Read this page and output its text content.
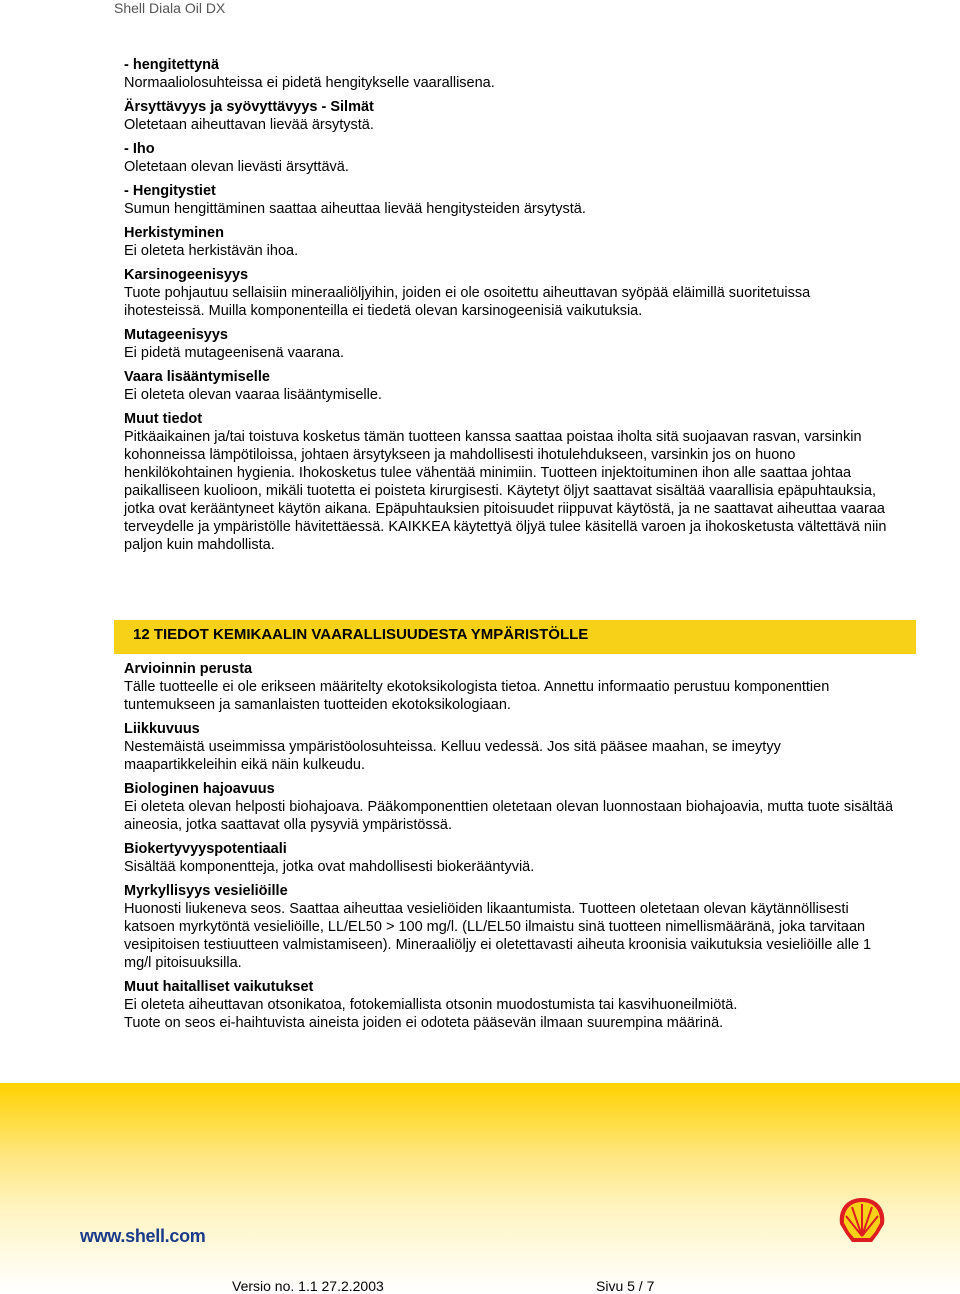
Shell Diala Oil DX

- hengitettynä

Normaaliolosuhteissa ei pidetä hengitykselle vaarallisena.

Ärsyttävyys ja syövyttävyys - Silmät

Oletetaan aiheuttavan lievää ärsytystä.

- Iho

Oletetaan olevan lievästi ärsyttävä.

- Hengitystiet

Sumun hengittäminen saattaa aiheuttaa lievää hengitysteiden ärsytystä.

Herkistyminen

Ei oleteta herkistävän ihoa.

Karsinogeenisyys

Tuote pohjautuu sellaisiin mineraaliöljyihin, joiden ei ole osoitettu aiheuttavan syöpää eläimillä suoritetuissa ihotesteissä. Muilla komponenteilla ei tiedetä olevan karsinogeenisiä vaikutuksia.

Mutageenisyys

Ei pidetä mutageenisenä vaarana.

Vaara lisääntymiselle

Ei oleteta olevan vaaraa lisääntymiselle.

Muut tiedot

Pitkäaikainen ja/tai toistuva kosketus tämän tuotteen kanssa saattaa poistaa iholta sitä suojaavan rasvan, varsinkin kohonneissa lämpötiloissa, johtaen ärsytykseen ja mahdollisesti ihotulehdukseen, varsinkin jos on huono henkilökohtainen hygienia. Ihokosketus tulee vähentää minimiin. Tuotteen injektoituminen ihon alle saattaa johtaa paikalliseen kuolioon, mikäli tuotetta ei poisteta kirurgisesti. Käytetyt öljyt saattavat sisältää vaarallisia epäpuhtauksia, jotka ovat kerääntyneet käytön aikana. Epäpuhtauksien pitoisuudet riippuvat käytöstä, ja ne saattavat aiheuttaa vaaraa terveydelle ja ympäristölle hävitettäessä. KAIKKEA käytettyä öljyä tulee käsitellä varoen ja ihokosketusta vältettävä niin paljon kuin mahdollista.

12 TIEDOT KEMIKAALIN VAARALLISUUDESTA YMPÄRISTÖLLE

Arvioinnin perusta

Tälle tuotteelle ei ole erikseen määritelty ekotoksikologista tietoa. Annettu informaatio perustuu komponenttien tuntemukseen ja samanlaisten tuotteiden ekotoksikologiaan.

Liikkuvuus

Nestemäistä useimmissa ympäristöolosuhteissa. Kelluu vedessä. Jos sitä pääsee maahan, se imeytyy maapartikkeleihin eikä näin kulkeudu.

Biologinen hajoavuus

Ei oleteta olevan helposti biohajoava. Pääkomponenttien oletetaan olevan luonnostaan biohajoavia, mutta tuote sisältää aineosia, jotka saattavat olla pysyviä ympäristössä.

Biokertyvyyspotentiaali

Sisältää komponentteja, jotka ovat mahdollisesti biokerääntyviä.

Myrkyllisyys vesieliöille

Huonosti liukeneva seos. Saattaa aiheuttaa vesieliöiden likaantumista. Tuotteen oletetaan olevan käytännöllisesti katsoen myrkytöntä vesieliöille, LL/EL50 > 100 mg/l. (LL/EL50 ilmaistu sinä tuotteen nimellismääränä, joka tarvitaan vesipitoisen testiuutteen valmistamiseen). Mineraaliöljy ei oletettavasti aiheuta kroonisia vaikutuksia vesieliöille alle 1 mg/l pitoisuuksilla.

Muut haitalliset vaikutukset

Ei oleteta aiheuttavan otsonikatoa, fotokemiallista otsonin muodostumista tai kasvihuoneilmiötä.

Tuote on seos ei-haihtuvista aineista joiden ei odoteta pääsevän ilmaan suurempina määrinä.

www.shell.com
Versio no. 1.1 27.2.2003	Sivu 5 / 7
